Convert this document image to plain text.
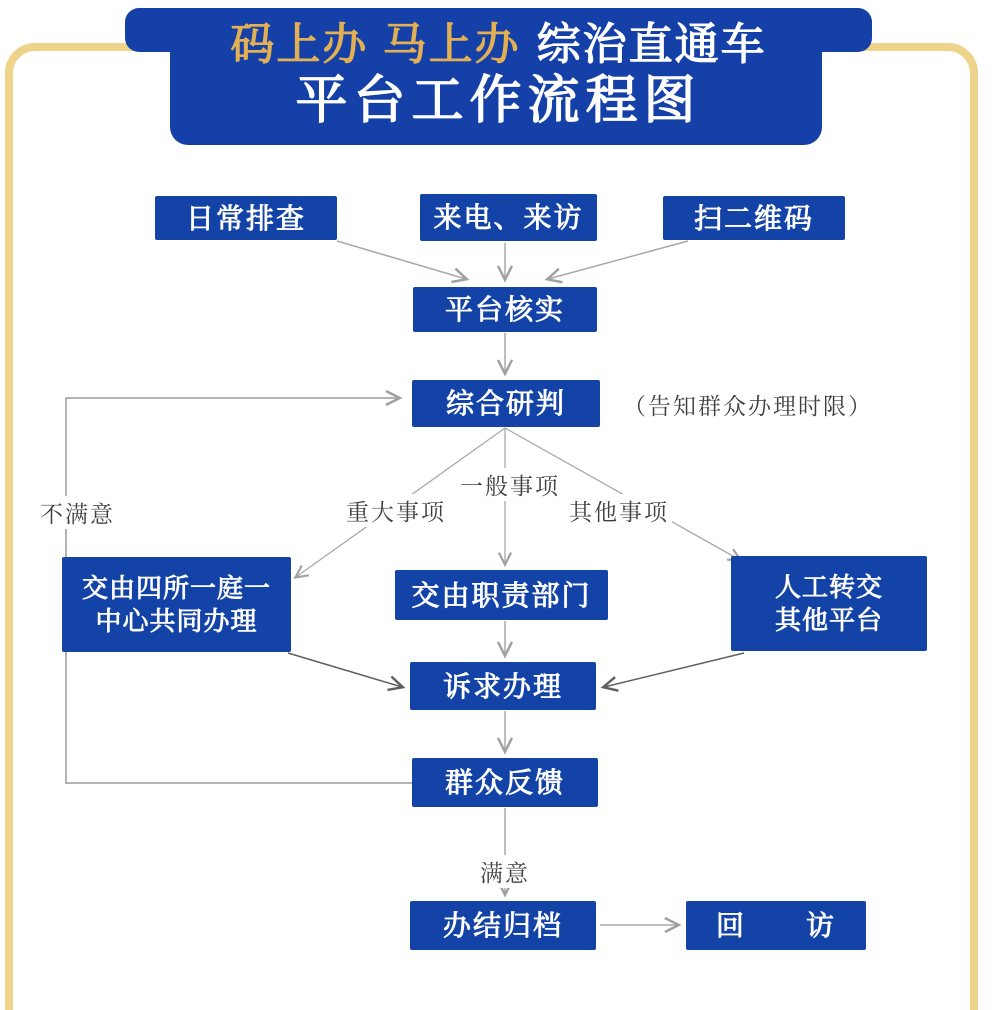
码上办 马上办 综治直通车
平台工作流程图
日常排查	来电、来访	扫二维码
平台核实
综合研判
交由四所一庭一
中心共同办理
交由职责部门	人工转交
其他平台
诉求办理
群众反馈
办结归档	回　　访
（告知群众办理时限）
重大事项
一般事项
其他事项
不满意
满意
